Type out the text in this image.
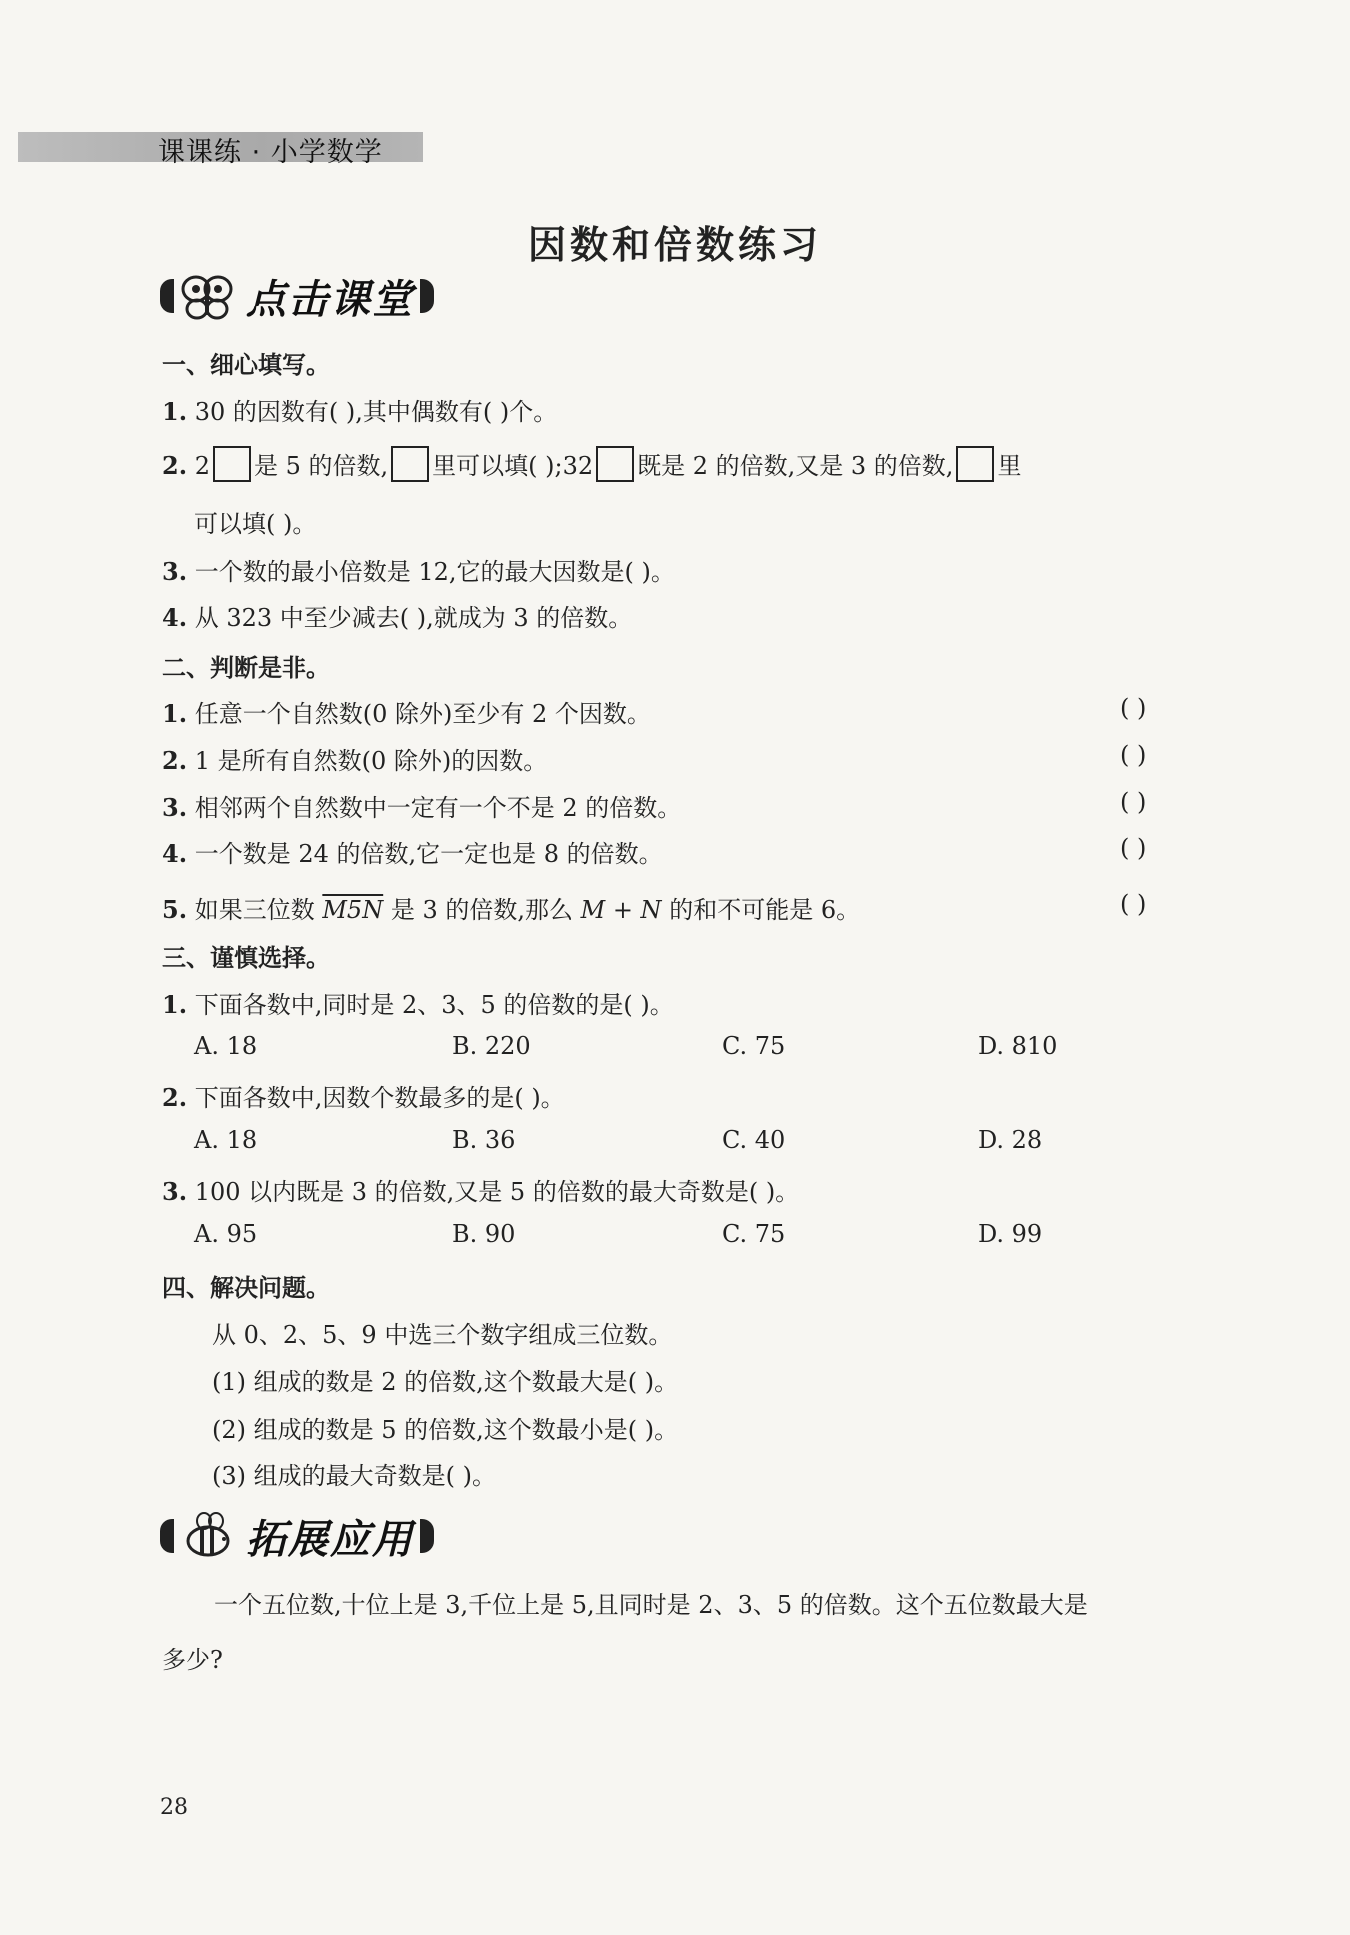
课课练 · 小学数学
因数和倍数练习
点击课堂
一、细心填写。
1. 30 的因数有( ),其中偶数有( )个。
2. 2 是 5 的倍数, 里可以填( );32 既是 2 的倍数,又是 3 的倍数, 里
可以填( )。
3. 一个数的最小倍数是 12,它的最大因数是( )。
4. 从 323 中至少减去( ),就成为 3 的倍数。
二、判断是非。
1. 任意一个自然数(0 除外)至少有 2 个因数。	( )
2. 1 是所有自然数(0 除外)的因数。	( )
3. 相邻两个自然数中一定有一个不是 2 的倍数。	( )
4. 一个数是 24 的倍数,它一定也是 8 的倍数。	( )
5. 如果三位数 M5N 是 3 的倍数,那么 M + N 的和不可能是 6。	( )
三、谨慎选择。
1. 下面各数中,同时是 2、3、5 的倍数的是( )。
A. 18	B. 220	C. 75	D. 810
2. 下面各数中,因数个数最多的是( )。
A. 18	B. 36	C. 40	D. 28
3. 100 以内既是 3 的倍数,又是 5 的倍数的最大奇数是( )。
A. 95	B. 90	C. 75	D. 99
四、解决问题。
从 0、2、5、9 中选三个数字组成三位数。
(1) 组成的数是 2 的倍数,这个数最大是( )。
(2) 组成的数是 5 的倍数,这个数最小是( )。
(3) 组成的最大奇数是( )。
拓展应用
一个五位数,十位上是 3,千位上是 5,且同时是 2、3、5 的倍数。这个五位数最大是
多少?
28
